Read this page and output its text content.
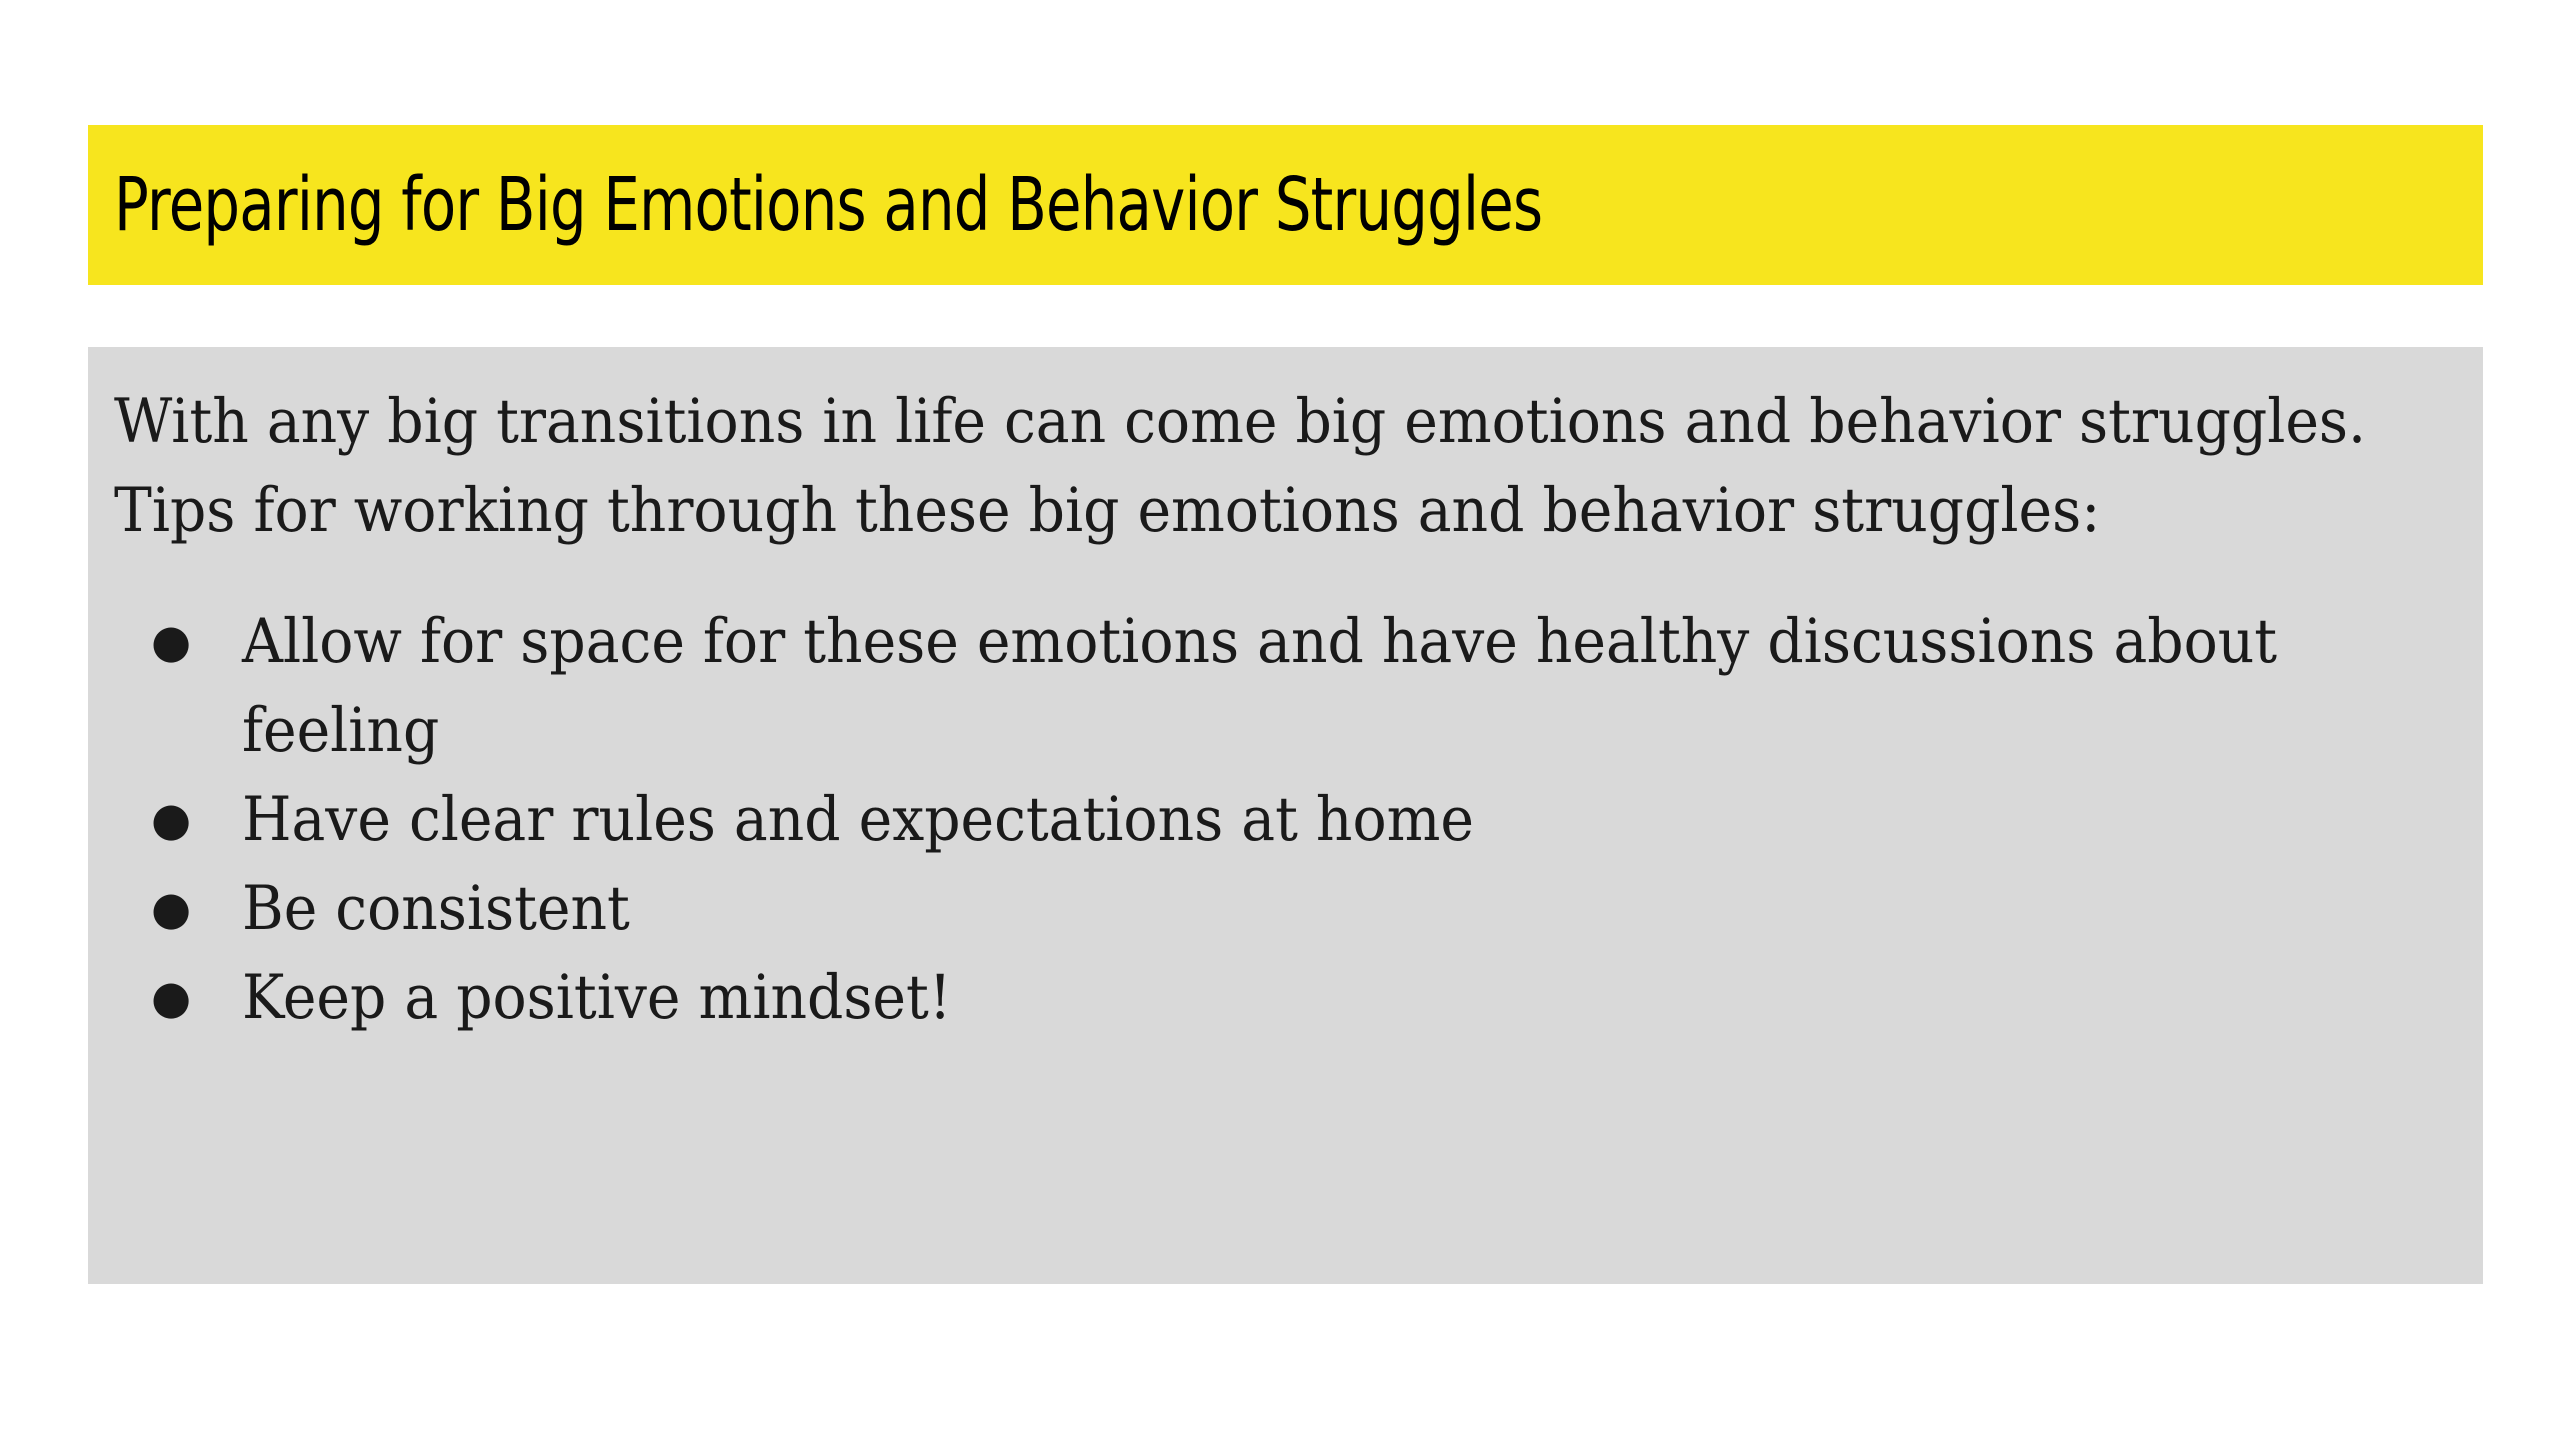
Preparing for Big Emotions and Behavior Struggles

With any big transitions in life can come big emotions and behavior struggles.

Tips for working through these big emotions and behavior struggles:

● Allow for space for these emotions and have healthy discussions about feeling
● Have clear rules and expectations at home
● Be consistent
● Keep a positive mindset!
